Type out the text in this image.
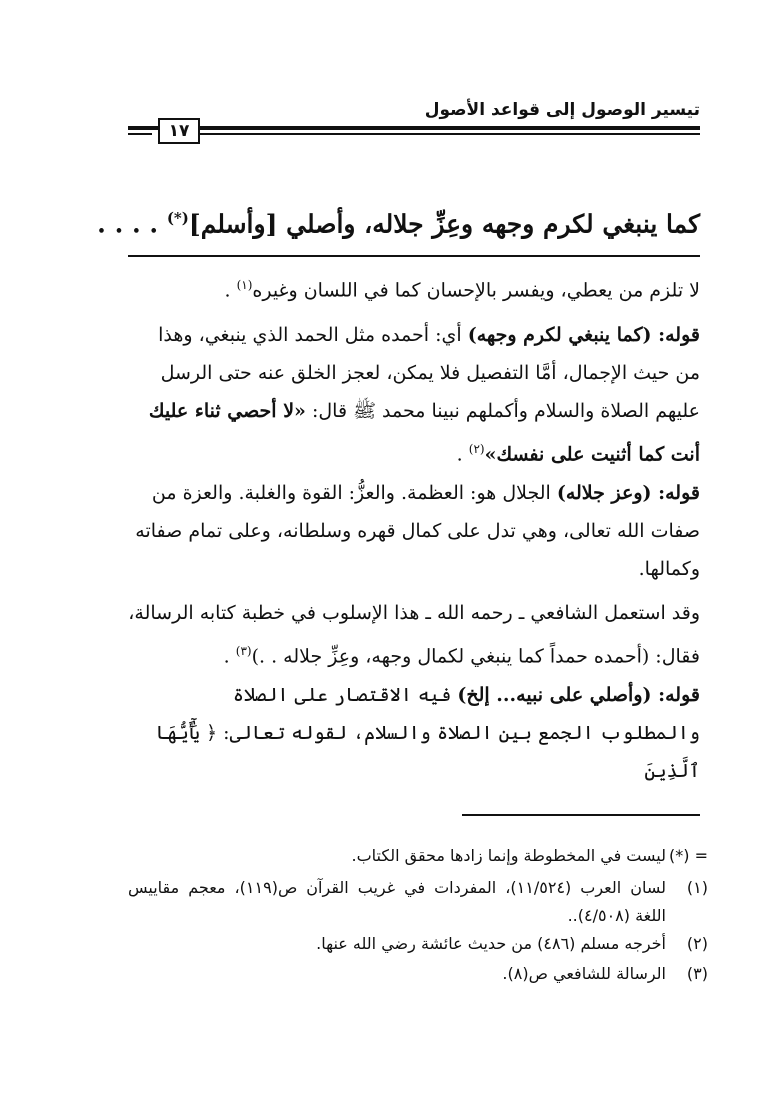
تيسير الوصول إلى قواعد الأصول
١٧
كما ينبغي لكرم وجهه وعِزِّ جلاله، وأصلي [وأسلم](*) . . . .
لا تلزم من يعطي، ويفسر بالإحسان كما في اللسان وغيره$^{(١)}$ .
قوله: (كما ينبغي لكرم وجهه) أي: أحمده مثل الحمد الذي ينبغي، وهذا من حيث الإجمال، أمَّا التفصيل فلا يمكن، لعجز الخلق عنه حتى الرسل عليهم الصلاة والسلام وأكملهم نبينا محمد ﷺ قال: «لا أحصي ثناء عليك أنت كما أثنيت على نفسك»$^{(٢)}$ .
قوله: (وعز جلاله) الجلال هو: العظمة. والعزُّ: القوة والغلبة. والعزة من صفات الله تعالى، وهي تدل على كمال قهره وسلطانه، وعلى تمام صفاته وكمالها.
وقد استعمل الشافعي ـ رحمه الله ـ هذا الإسلوب في خطبة كتابه الرسالة، فقال: (أحمده حمداً كما ينبغي لكمال وجهه، وعِزِّ جلاله . .)$^{(٣)}$ .
قوله: (وأصلي على نبيه... إلخ) فيه الاقتصار على الصلاة والمطلوب الجمع بين الصلاة والسلام، لقوله تعالى: ﴿ يَٰٓأَيُّهَا ٱلَّذِينَ
= (*)
ليست في المخطوطة وإنما زادها محقق الكتاب.
(١)
لسان العرب (١١/٥٢٤)، المفردات في غريب القرآن ص(١١٩)، معجم مقاييس اللغة (٤/٥٠٨)..
(٢)
أخرجه مسلم (٤٨٦) من حديث عائشة رضي الله عنها.
(٣)
الرسالة للشافعي ص(٨).
